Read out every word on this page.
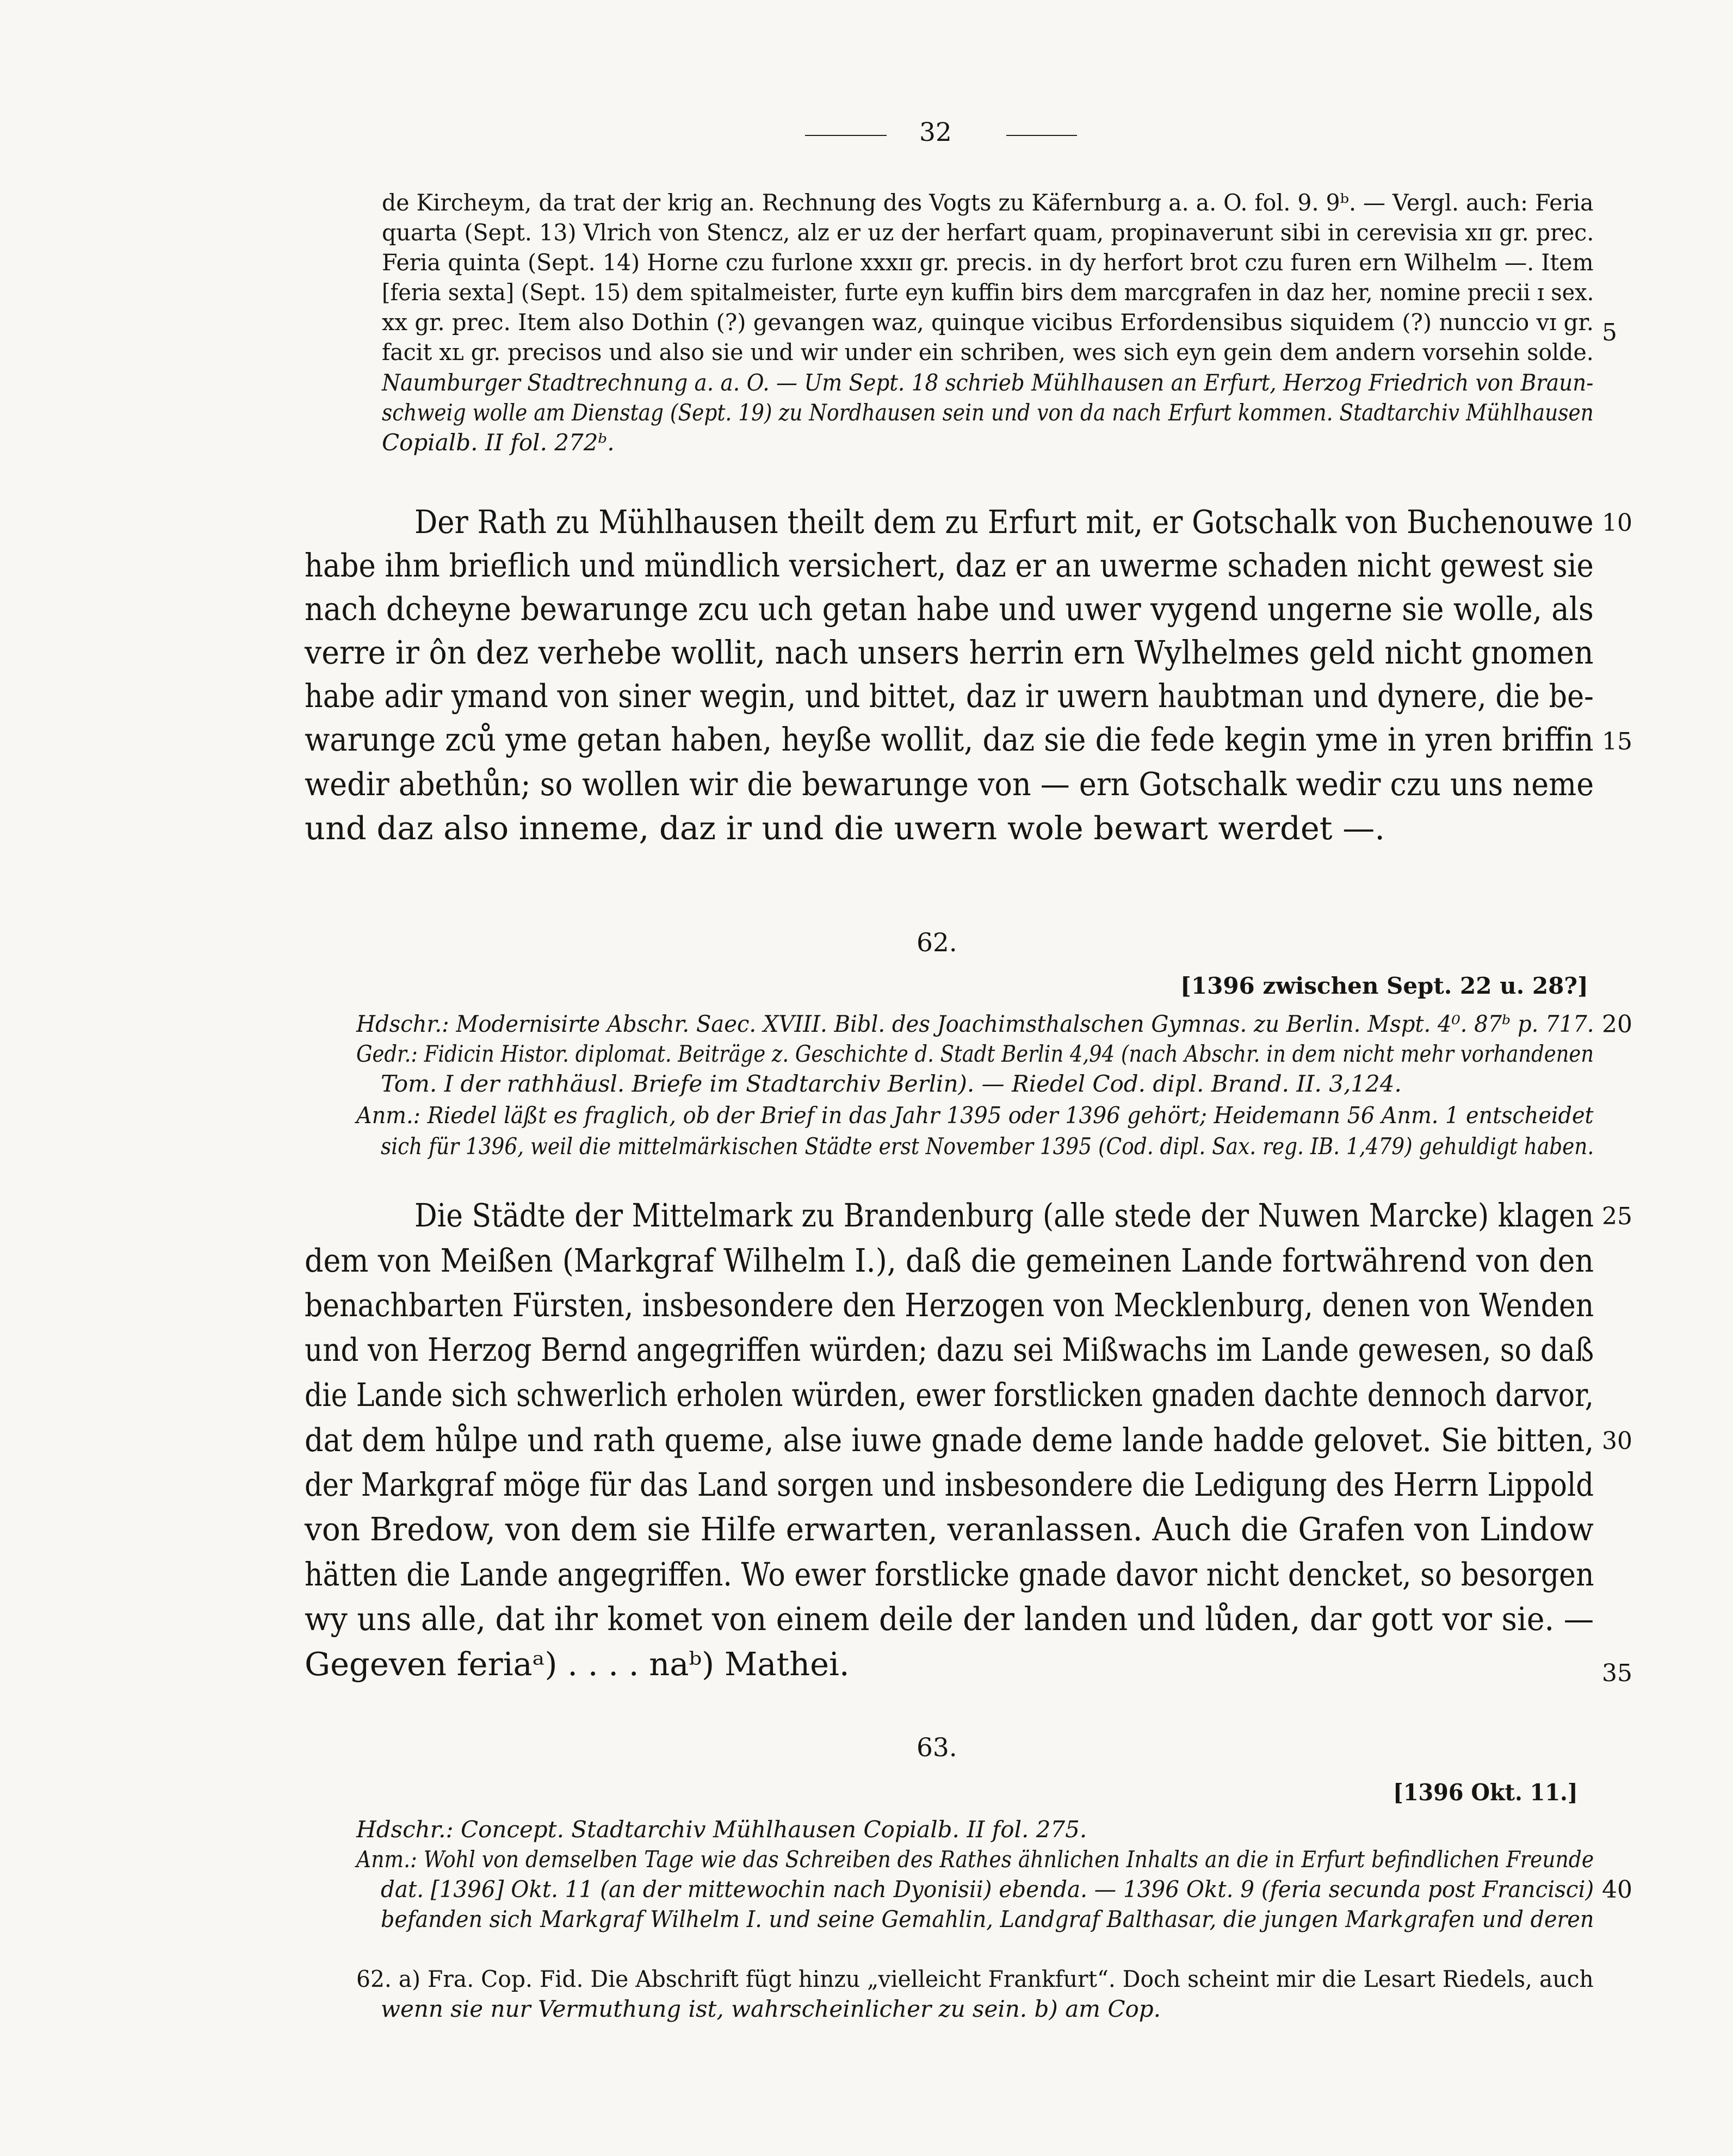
32
de Kircheym, da trat der krig an. Rechnung des Vogts zu Käfernburg a. a. O. fol. 9. 9ᵇ. — Vergl. auch: Feria
quarta (Sept. 13) Vlrich von Stencz, alz er uz der herfart quam, propinaverunt sibi in cerevisia xɪɪ gr. prec.
Feria quinta (Sept. 14) Horne czu furlone xxxɪɪ gr. precis. in dy herfort brot czu furen ern Wilhelm —. Item
[feria sexta] (Sept. 15) dem spitalmeister, furte eyn kuffin birs dem marcgrafen in daz her, nomine precii ɪ sex.
xx gr. prec. Item also Dothin (?) gevangen waz, quinque vicibus Erfordensibus siquidem (?) nunccio vɪ gr.
facit xʟ gr. precisos und also sie und wir under ein schriben, wes sich eyn gein dem andern vorsehin solde.
Naumburger Stadtrechnung a. a. O. — Um Sept. 18 schrieb Mühlhausen an Erfurt, Herzog Friedrich von Braun-
schweig wolle am Dienstag (Sept. 19) zu Nordhausen sein und von da nach Erfurt kommen. Stadtarchiv Mühlhausen
Copialb. II fol. 272ᵇ.
Der Rath zu Mühlhausen theilt dem zu Erfurt mit, er Gotschalk von Buchenouwe
habe ihm brieflich und mündlich versichert, daz er an uwerme schaden nicht gewest sie
nach dcheyne bewarunge zcu uch getan habe und uwer vygend ungerne sie wolle, als
verre ir ôn dez verhebe wollit, nach unsers herrin ern Wylhelmes geld nicht gnomen
habe adir ymand von siner wegin, und bittet, daz ir uwern haubtman und dynere, die be-
warunge zců yme getan haben, heyße wollit, daz sie die fede kegin yme in yren briffin
wedir abethůn; so wollen wir die bewarunge von — ern Gotschalk wedir czu uns neme
und daz also inneme, daz ir und die uwern wole bewart werdet —.
62.
[1396 zwischen Sept. 22 u. 28?]
Hdschr.: Modernisirte Abschr. Saec. XVIII. Bibl. des Joachimsthalschen Gymnas. zu Berlin. Mspt. 4⁰. 87ᵇ p. 717.
Gedr.: Fidicin Histor. diplomat. Beiträge z. Geschichte d. Stadt Berlin 4,94 (nach Abschr. in dem nicht mehr vorhandenen
Tom. I der rathhäusl. Briefe im Stadtarchiv Berlin). — Riedel Cod. dipl. Brand. II. 3,124.
Anm.: Riedel läßt es fraglich, ob der Brief in das Jahr 1395 oder 1396 gehört; Heidemann 56 Anm. 1 entscheidet
sich für 1396, weil die mittelmärkischen Städte erst November 1395 (Cod. dipl. Sax. reg. IB. 1,479) gehuldigt haben.
Die Städte der Mittelmark zu Brandenburg (alle stede der Nuwen Marcke) klagen
dem von Meißen (Markgraf Wilhelm I.), daß die gemeinen Lande fortwährend von den
benachbarten Fürsten, insbesondere den Herzogen von Mecklenburg, denen von Wenden
und von Herzog Bernd angegriffen würden; dazu sei Mißwachs im Lande gewesen, so daß
die Lande sich schwerlich erholen würden, ewer forstlicken gnaden dachte dennoch darvor,
dat dem hůlpe und rath queme, alse iuwe gnade deme lande hadde gelovet. Sie bitten,
der Markgraf möge für das Land sorgen und insbesondere die Ledigung des Herrn Lippold
von Bredow, von dem sie Hilfe erwarten, veranlassen. Auch die Grafen von Lindow
hätten die Lande angegriffen. Wo ewer forstlicke gnade davor nicht dencket, so besorgen
wy uns alle, dat ihr komet von einem deile der landen und lůden, dar gott vor sie. —
Gegeven feriaᵃ) . . . . naᵇ) Mathei.
63.
[1396 Okt. 11.]
Hdschr.: Concept. Stadtarchiv Mühlhausen Copialb. II fol. 275.
Anm.: Wohl von demselben Tage wie das Schreiben des Rathes ähnlichen Inhalts an die in Erfurt befindlichen Freunde
dat. [1396] Okt. 11 (an der mittewochin nach Dyonisii) ebenda. — 1396 Okt. 9 (feria secunda post Francisci)
befanden sich Markgraf Wilhelm I. und seine Gemahlin, Landgraf Balthasar, die jungen Markgrafen und deren
62. a) Fra. Cop. Fid. Die Abschrift fügt hinzu „vielleicht Frankfurt“. Doch scheint mir die Lesart Riedels, auch
wenn sie nur Vermuthung ist, wahrscheinlicher zu sein. b) am Cop.
5
10
15
20
25
30
35
40
